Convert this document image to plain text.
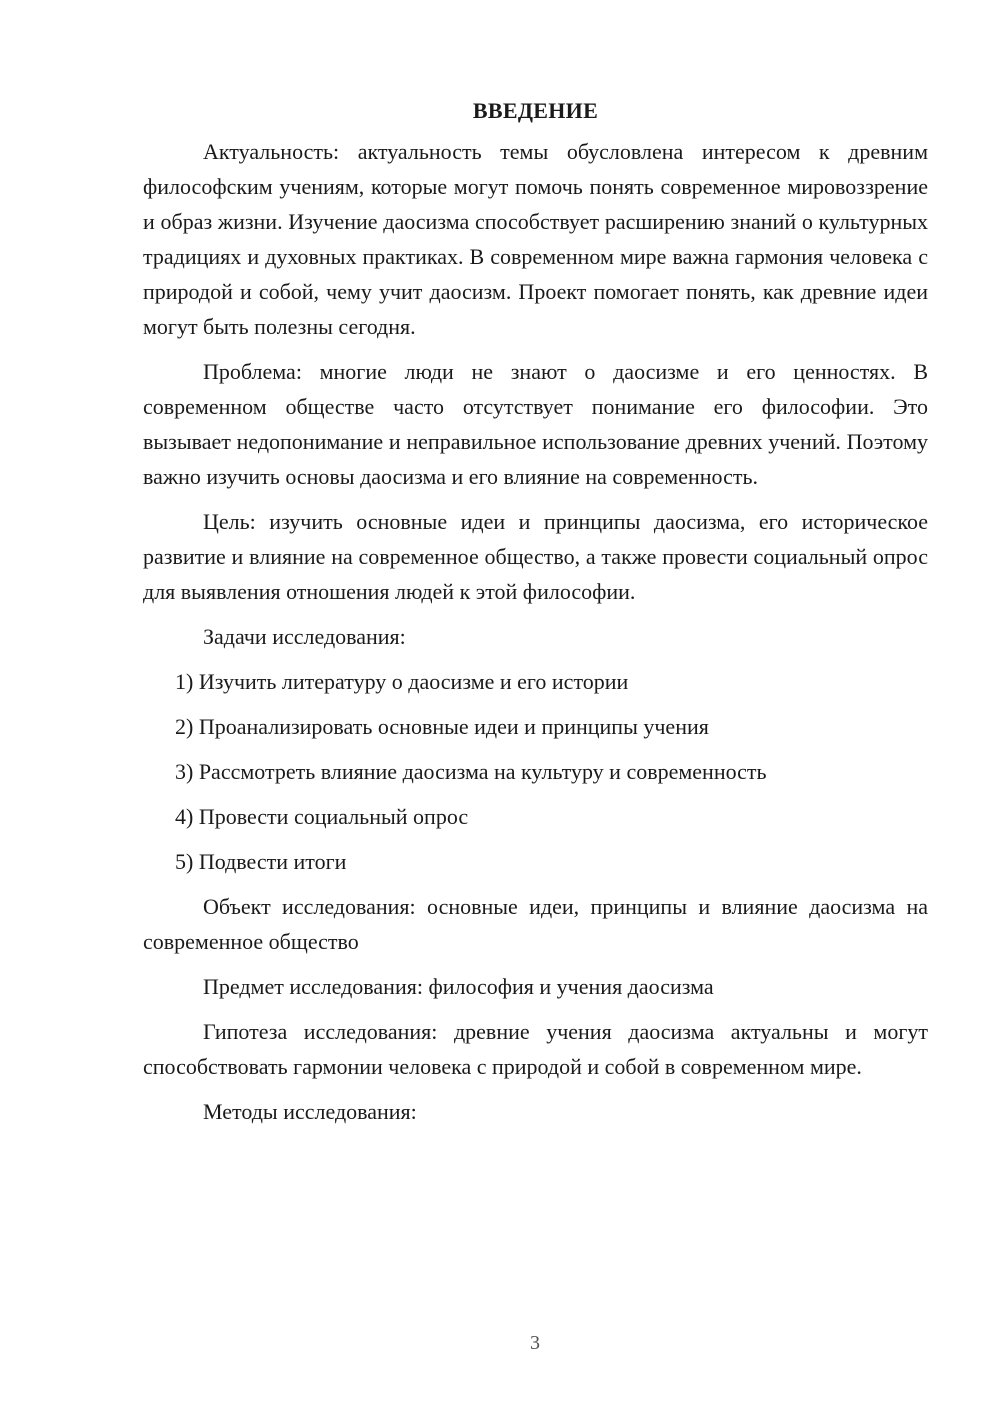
ВВЕДЕНИЕ

Актуальность: актуальность темы обусловлена интересом к древним философским учениям, которые могут помочь понять современное мировоззрение и образ жизни. Изучение даосизма способствует расширению знаний о культурных традициях и духовных практиках. В современном мире важна гармония человека с природой и собой, чему учит даосизм. Проект помогает понять, как древние идеи могут быть полезны сегодня.

Проблема: многие люди не знают о даосизме и его ценностях. В современном обществе часто отсутствует понимание его философии. Это вызывает недопонимание и неправильное использование древних учений. Поэтому важно изучить основы даосизма и его влияние на современность.

Цель: изучить основные идеи и принципы даосизма, его историческое развитие и влияние на современное общество, а также провести социальный опрос для выявления отношения людей к этой философии.

Задачи исследования:

1) Изучить литературу о даосизме и его истории
2) Проанализировать основные идеи и принципы учения
3) Рассмотреть влияние даосизма на культуру и современность
4) Провести социальный опрос
5) Подвести итоги

Объект исследования: основные идеи, принципы и влияние даосизма на современное общество

Предмет исследования: философия и учения даосизма

Гипотеза исследования: древние учения даосизма актуальны и могут способствовать гармонии человека с природой и собой в современном мире.

Методы исследования:

3
